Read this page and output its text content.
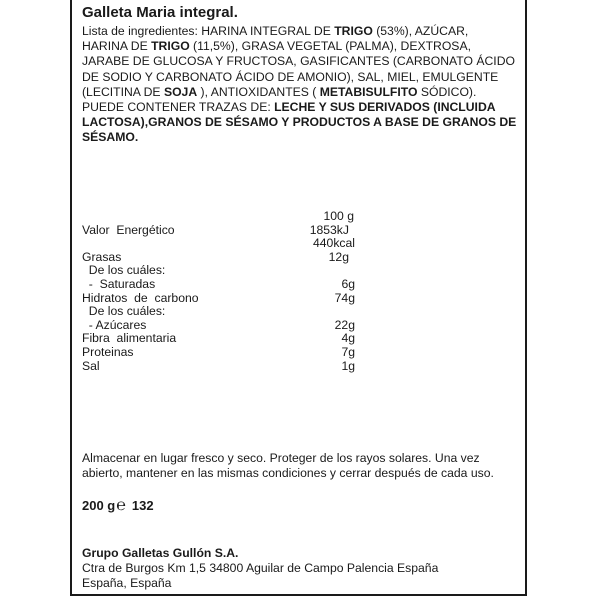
Galleta Maria integral.
Lista de ingredientes: HARINA INTEGRAL DE TRIGO (53%), AZÚCAR, HARINA DE TRIGO (11,5%), GRASA VEGETAL (PALMA), DEXTROSA, JARABE DE GLUCOSA Y FRUCTOSA, GASIFICANTES (CARBONATO ÁCIDO DE SODIO Y CARBONATO ÁCIDO DE AMONIO), SAL, MIEL, EMULGENTE (LECITINA DE SOJA ), ANTIOXIDANTES ( METABISULFITO SÓDICO). PUEDE CONTENER TRAZAS DE: LECHE Y SUS DERIVADOS (INCLUIDA LACTOSA),GRANOS DE SÉSAMO Y PRODUCTOS A BASE DE GRANOS DE SÉSAMO.
100 g
Valor  Energético	1853kJ
440kcal
Grasas	12g
De los cuáles:
-  Saturadas	6g
Hidratos  de  carbono	74g
De los cuáles:
- Azúcares	22g
Fibra  alimentaria	4g
Proteinas	7g
Sal	1g
Almacenar en lugar fresco y seco. Proteger de los rayos solares. Una vez abierto, mantener en las mismas condiciones y cerrar después de cada uso.
200 g℮ 132
Grupo Galletas Gullón S.A.
Ctra de Burgos Km 1,5 34800 Aguilar de Campo Palencia España
España, España
